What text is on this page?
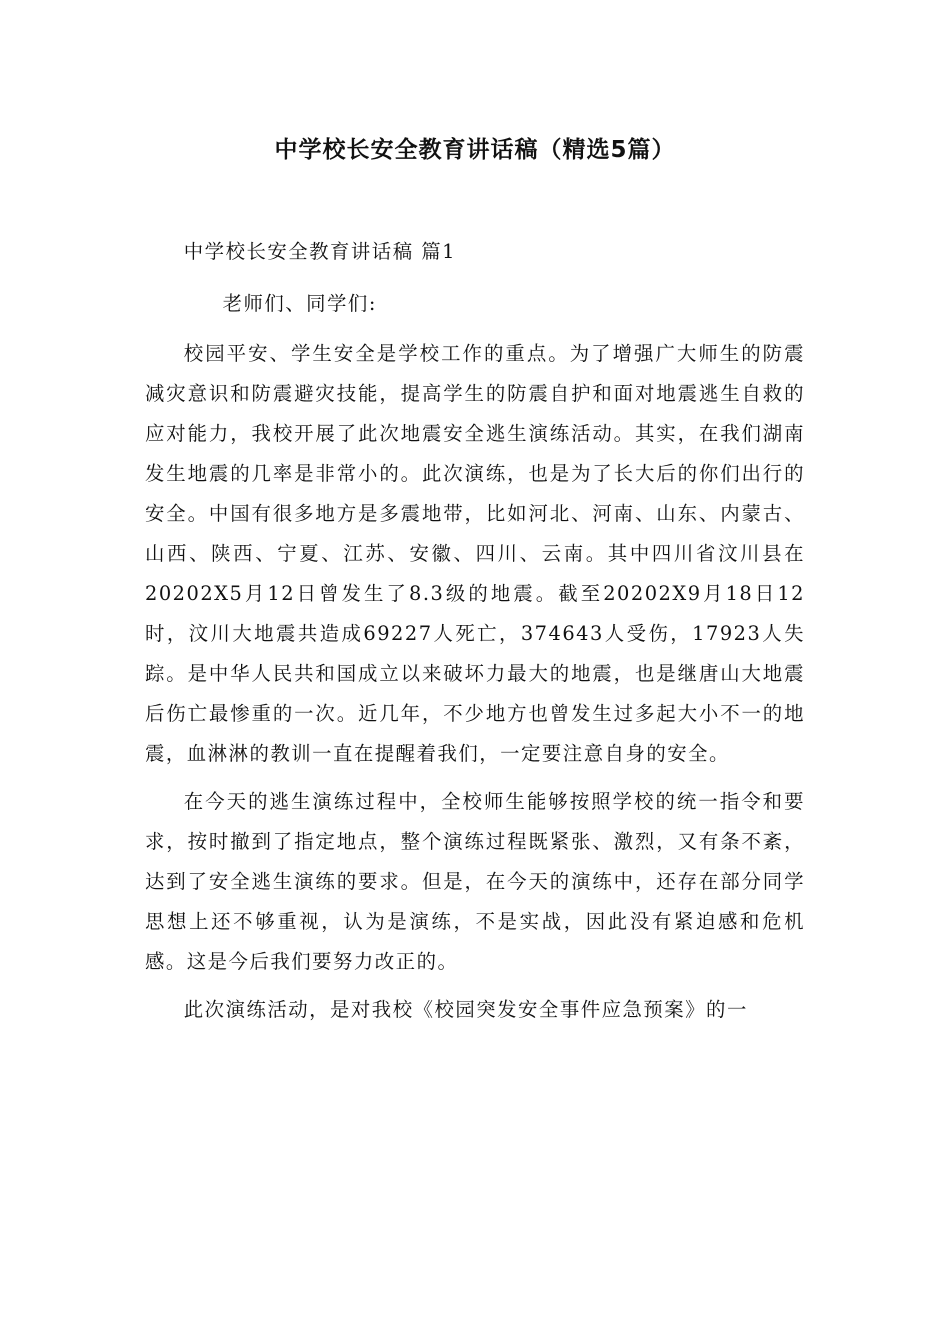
中学校长安全教育讲话稿（精选5篇）

中学校长安全教育讲话稿 篇1

老师们、同学们:

校园平安、学生安全是学校工作的重点。为了增强广大师生的防震减灾意识和防震避灾技能，提高学生的防震自护和面对地震逃生自救的应对能力，我校开展了此次地震安全逃生演练活动。其实，在我们湖南发生地震的几率是非常小的。此次演练，也是为了长大后的你们出行的安全。中国有很多地方是多震地带，比如河北、河南、山东、内蒙古、山西、陕西、宁夏、江苏、安徽、四川、云南。其中四川省汶川县在20202X5月12日曾发生了8.3级的地震。截至20202X9月18日12时，汶川大地震共造成69227人死亡，374643人受伤，17923人失踪。是中华人民共和国成立以来破坏力最大的地震，也是继唐山大地震后伤亡最惨重的一次。近几年，不少地方也曾发生过多起大小不一的地震，血淋淋的教训一直在提醒着我们，一定要注意自身的安全。

在今天的逃生演练过程中，全校师生能够按照学校的统一指令和要求，按时撤到了指定地点，整个演练过程既紧张、激烈，又有条不紊，达到了安全逃生演练的要求。但是，在今天的演练中，还存在部分同学思想上还不够重视，认为是演练，不是实战，因此没有紧迫感和危机感。这是今后我们要努力改正的。

此次演练活动，是对我校《校园突发安全事件应急预案》的一
